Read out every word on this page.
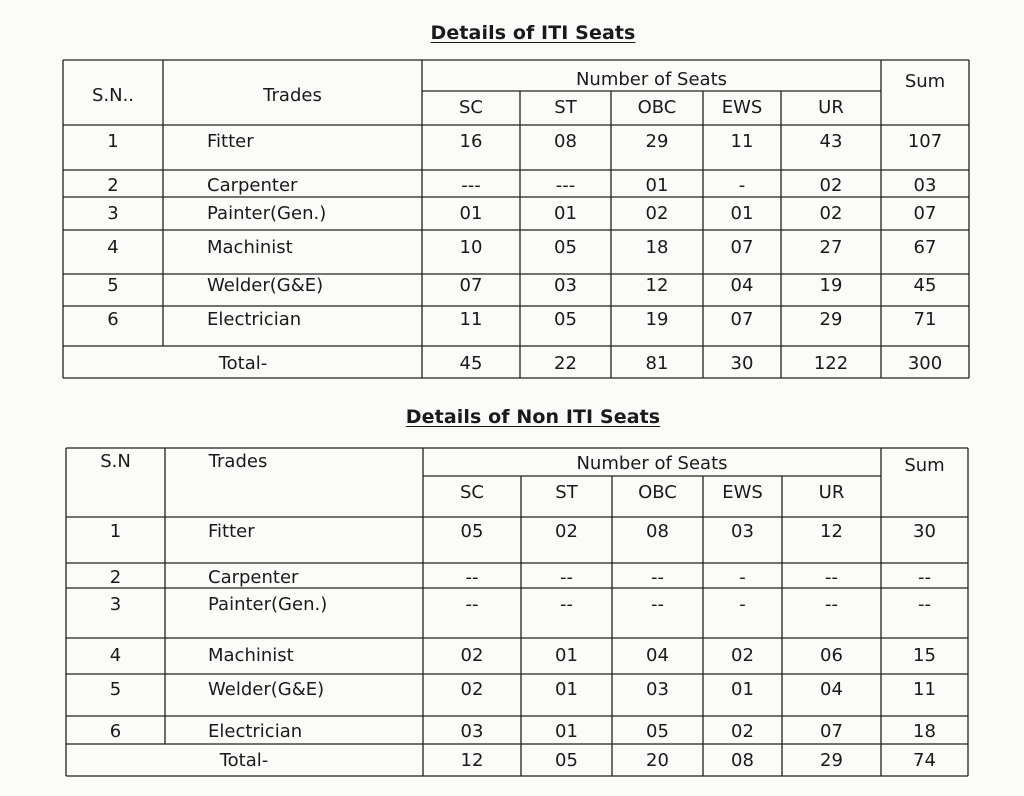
Details of ITI Seats
S.N..	Trades
Number of Seats
SC	ST	OBC	EWS	UR
Sum
1	Fitter	16	08	29	11	43	107
2	Carpenter	---	---	01	-	02	03
3	Painter(Gen.)	01	01	02	01	02	07
4	Machinist	10	05	18	07	27	67
5	Welder(G&E)	07	03	12	04	19	45
6	Electrician	11	05	19	07	29	71
Total-	45	22	81	30	122	300
Details of Non ITI Seats
S.N	Trades	Number of Seats
SC	ST	OBC	EWS	UR
Sum
1	Fitter	05	02	08	03	12	30
2	Carpenter	--	--	--	-	--	--
3	Painter(Gen.)	--	--	--	-	--	--
4	Machinist	02	01	04	02	06	15
5	Welder(G&E)	02	01	03	01	04	11
6	Electrician	03	01	05	02	07	18
Total-	12	05	20	08	29	74
